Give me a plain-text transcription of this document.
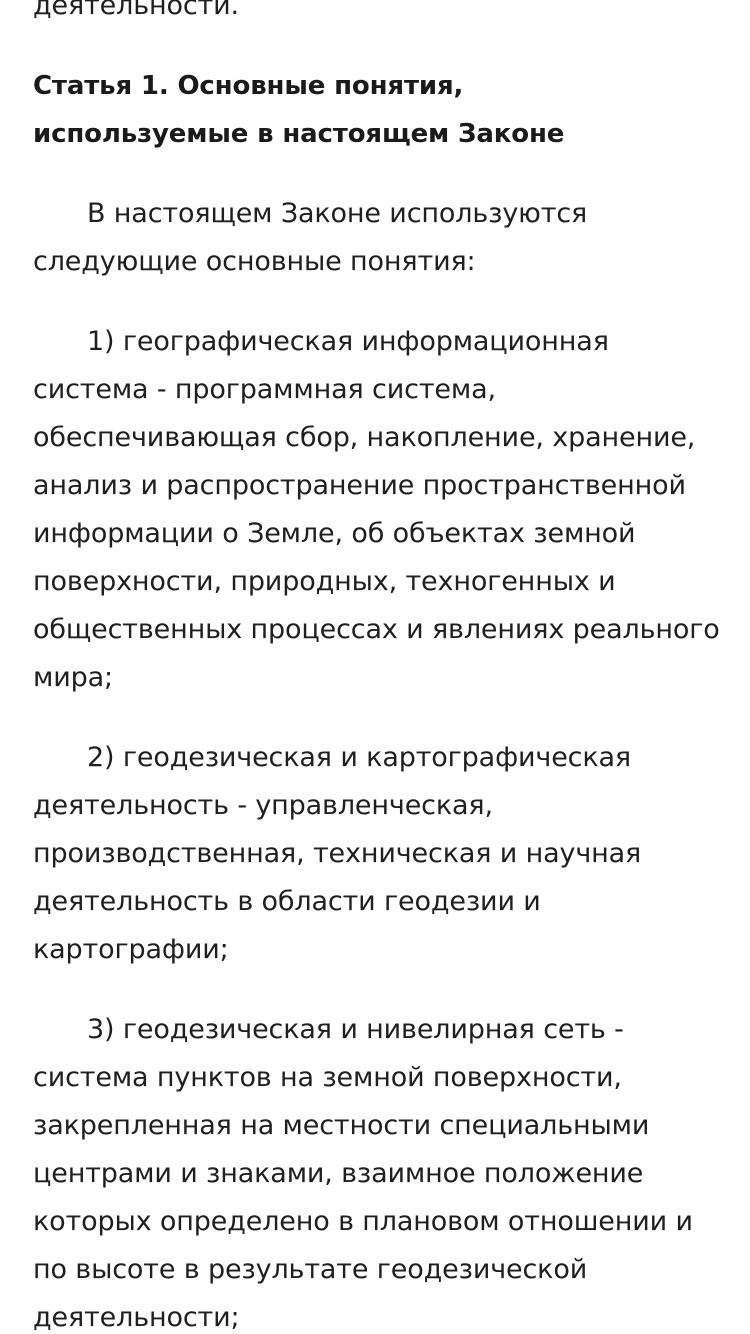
деятельности.

Статья 1. Основные понятия,
используемые в настоящем Законе

В настоящем Законе используются следующие основные понятия:

1) географическая информационная система - программная система, обеспечивающая сбор, накопление, хранение, анализ и распространение пространственной информации о Земле, об объектах земной поверхности, природных, техногенных и общественных процессах и явлениях реального мира;

2) геодезическая и картографическая деятельность - управленческая, производственная, техническая и научная деятельность в области геодезии и картографии;

3) геодезическая и нивелирная сеть - система пунктов на земной поверхности, закрепленная на местности специальными центрами и знаками, взаимное положение которых определено в плановом отношении и по высоте в результате геодезической деятельности;
